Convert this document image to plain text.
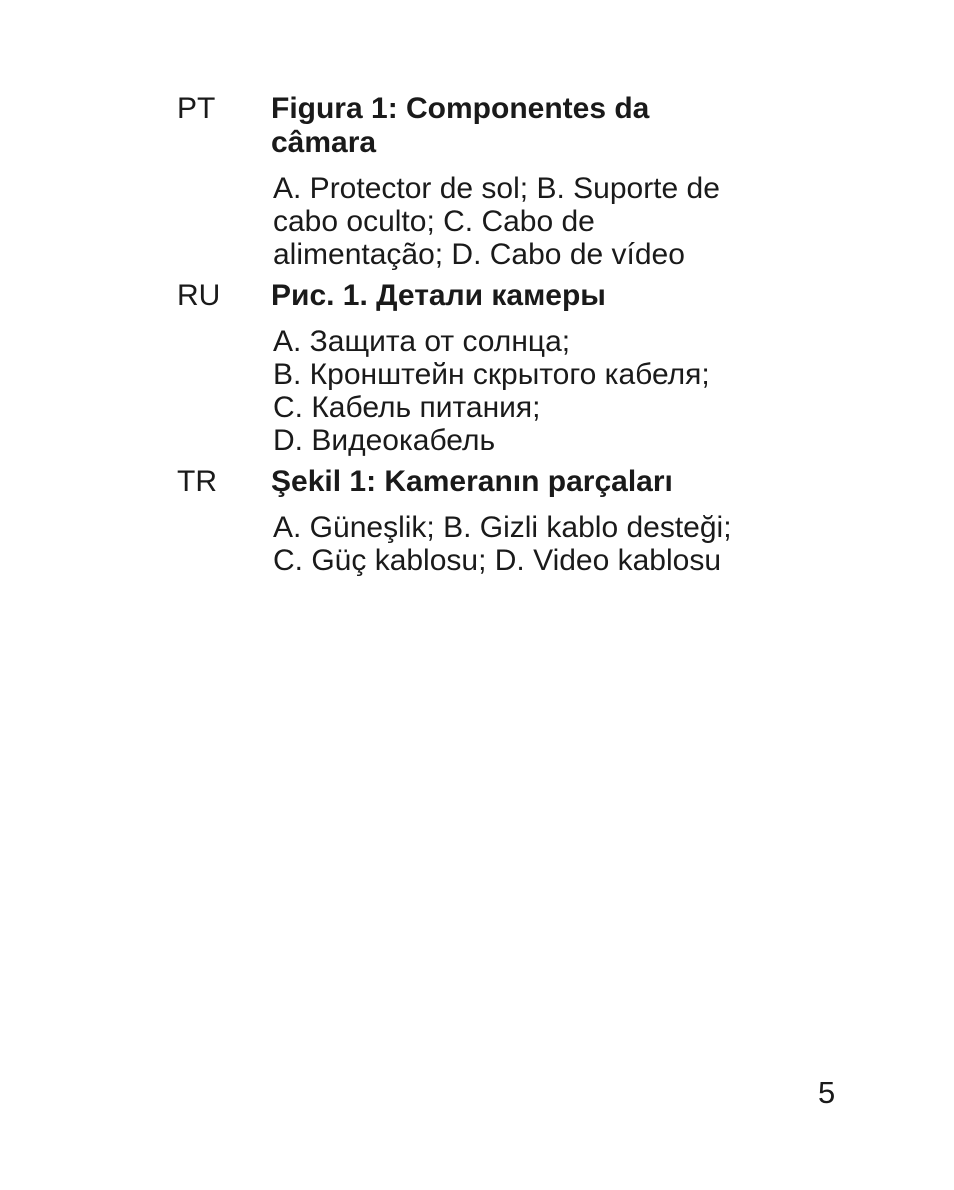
PT	Figura 1: Componentes da
câmara

A. Protector de sol; B. Suporte de
cabo oculto; C. Cabo de
alimentação; D. Cabo de vídeo

RU	Рис. 1. Детали камеры

A. Защита от солнца;
B. Кронштейн скрытого кабеля;
C. Кабель питания;
D. Видеокабель

TR	Şekil 1: Kameranın parçaları

A. Güneşlik; B. Gizli kablo desteği;
C. Güç kablosu; D. Video kablosu

5
